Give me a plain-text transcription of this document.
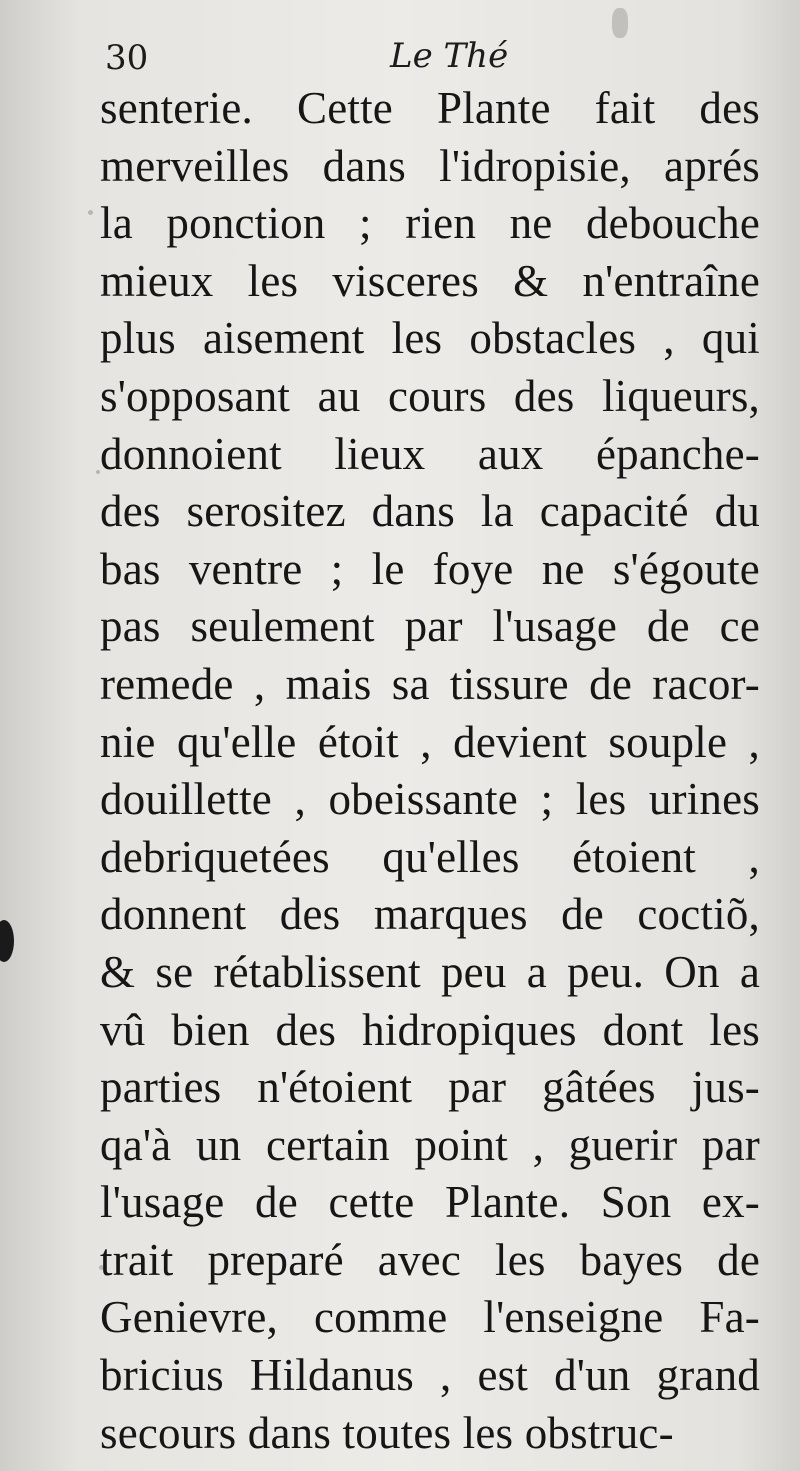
30	Le Thé
senterie. Cette Plante fait des
merveilles dans l'idropisie, aprés
la ponction ; rien ne debouche
mieux les visceres & n'entraîne
plus aisement les obstacles , qui
s'opposant au cours des liqueurs,
donnoient lieux aux épanche-
des serositez dans la capacité du
bas ventre ; le foye ne s'égoute
pas seulement par l'usage de ce
remede , mais sa tissure de racor-
nie qu'elle étoit , devient souple ,
douillette , obeissante ; les urines
debriquetées qu'elles étoient ,
donnent des marques de coctiõ,
& se rétablissent peu a peu. On a
vû bien des hidropiques dont les
parties n'étoient par gâtées jus-
qa'à un certain point , guerir par
l'usage de cette Plante. Son ex-
trait preparé avec les bayes de
Genievre, comme l'enseigne Fa-
bricius Hildanus , est d'un grand
secours dans toutes les obstruc-
